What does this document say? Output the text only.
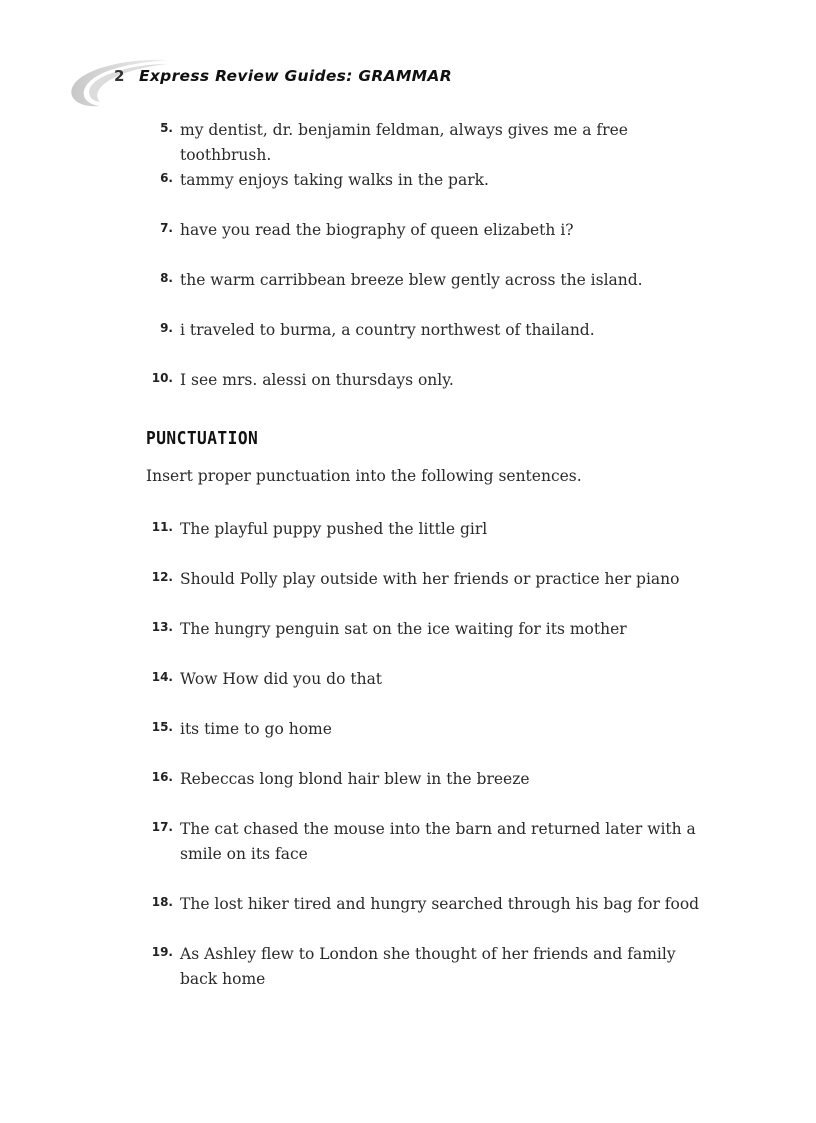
2 Express Review Guides: GRAMMAR
5. my dentist, dr. benjamin feldman, always gives me a free toothbrush.
6. tammy enjoys taking walks in the park.
7. have you read the biography of queen elizabeth i?
8. the warm carribbean breeze blew gently across the island.
9. i traveled to burma, a country northwest of thailand.
10. I see mrs. alessi on thursdays only.
PUNCTUATION
Insert proper punctuation into the following sentences.
11. The playful puppy pushed the little girl
12. Should Polly play outside with her friends or practice her piano
13. The hungry penguin sat on the ice waiting for its mother
14. Wow How did you do that
15. its time to go home
16. Rebeccas long blond hair blew in the breeze
17. The cat chased the mouse into the barn and returned later with a smile on its face
18. The lost hiker tired and hungry searched through his bag for food
19. As Ashley flew to London she thought of her friends and family back home
